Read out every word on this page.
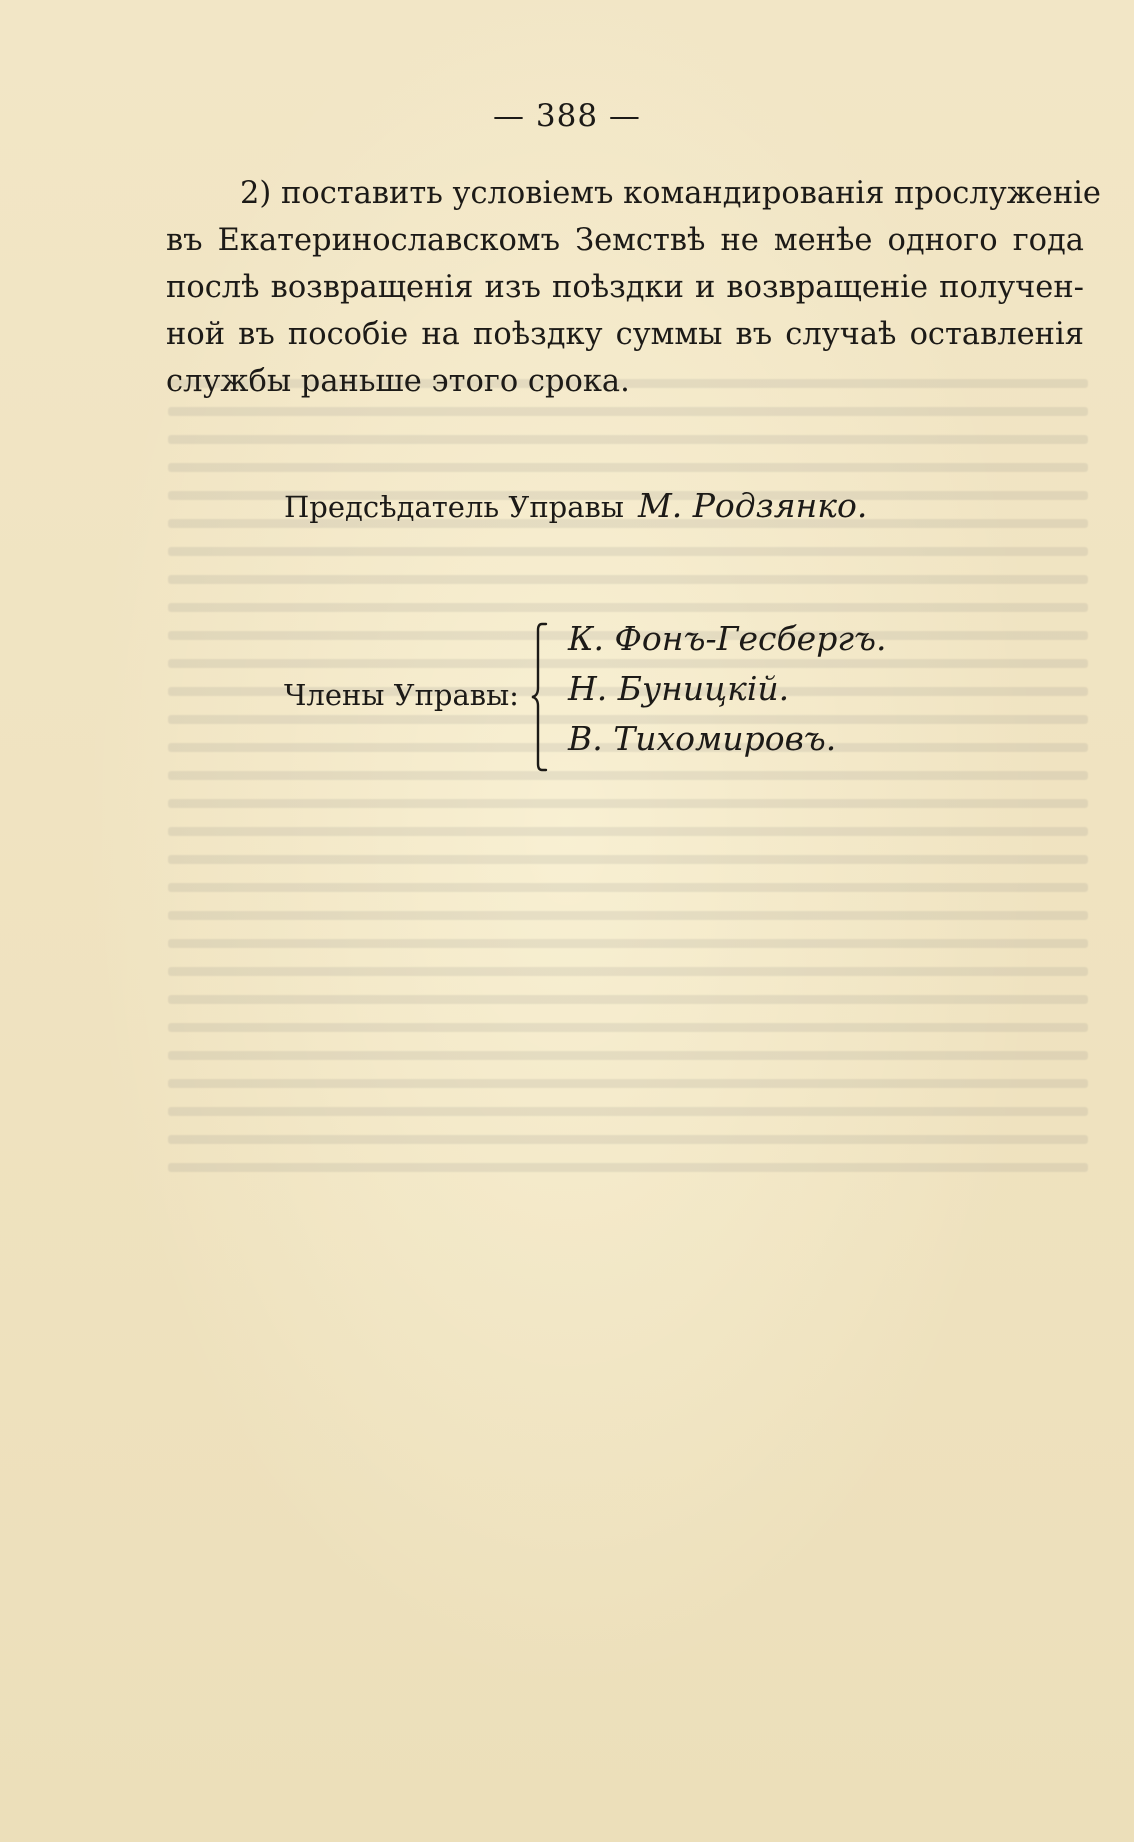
— 388 —
2) поставить условіемъ командированія прослуженіе
въ Екатеринославскомъ Земствѣ не менѣе одного года
послѣ возвращенія изъ поѣздки и возвращеніе получен-
ной въ пособіе на поѣздку суммы въ случаѣ оставленія
службы раньше этого срока.
Предсѣдатель Управы М. Родзянко.
Члены Управы:
К. Фонъ-Гесбергъ.
Н. Буницкій.
В. Тихомировъ.
